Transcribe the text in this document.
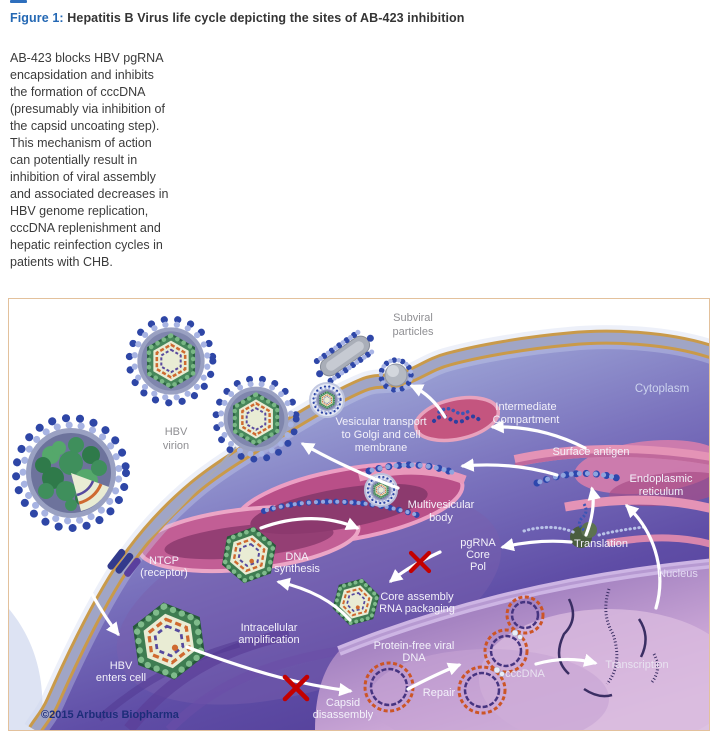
Figure 1: Hepatitis B Virus life cycle depicting the sites of AB-423 inhibition
AB-423 blocks HBV pgRNA
encapsidation and inhibits
the formation of cccDNA
(presumably via inhibition of
the capsid uncoating step).
This mechanism of action
can potentially result in
inhibition of viral assembly
and associated decreases in
HBV genome replication,
cccDNA replenishment and
hepatic reinfection cycles in
patients with CHB.
Subviral
particles
Cytoplasm
HBV
virion
Vesicular transport
to Golgi and cell
membrane
Intermediate
Compartment
Surface antigen
Endoplasmic
reticulum
Multivesicular
body
pgRNA
Core
Pol
Translation
Nucleus
NTCP
(receptor)
DNA
synthesis
Core assembly
RNA packaging
Intracellular
amplification
HBV
enters cell
Protein-free viral
DNA
Capsid
disassembly
Repair
cccDNA
Transcription
©2015 Arbutus Biopharma
